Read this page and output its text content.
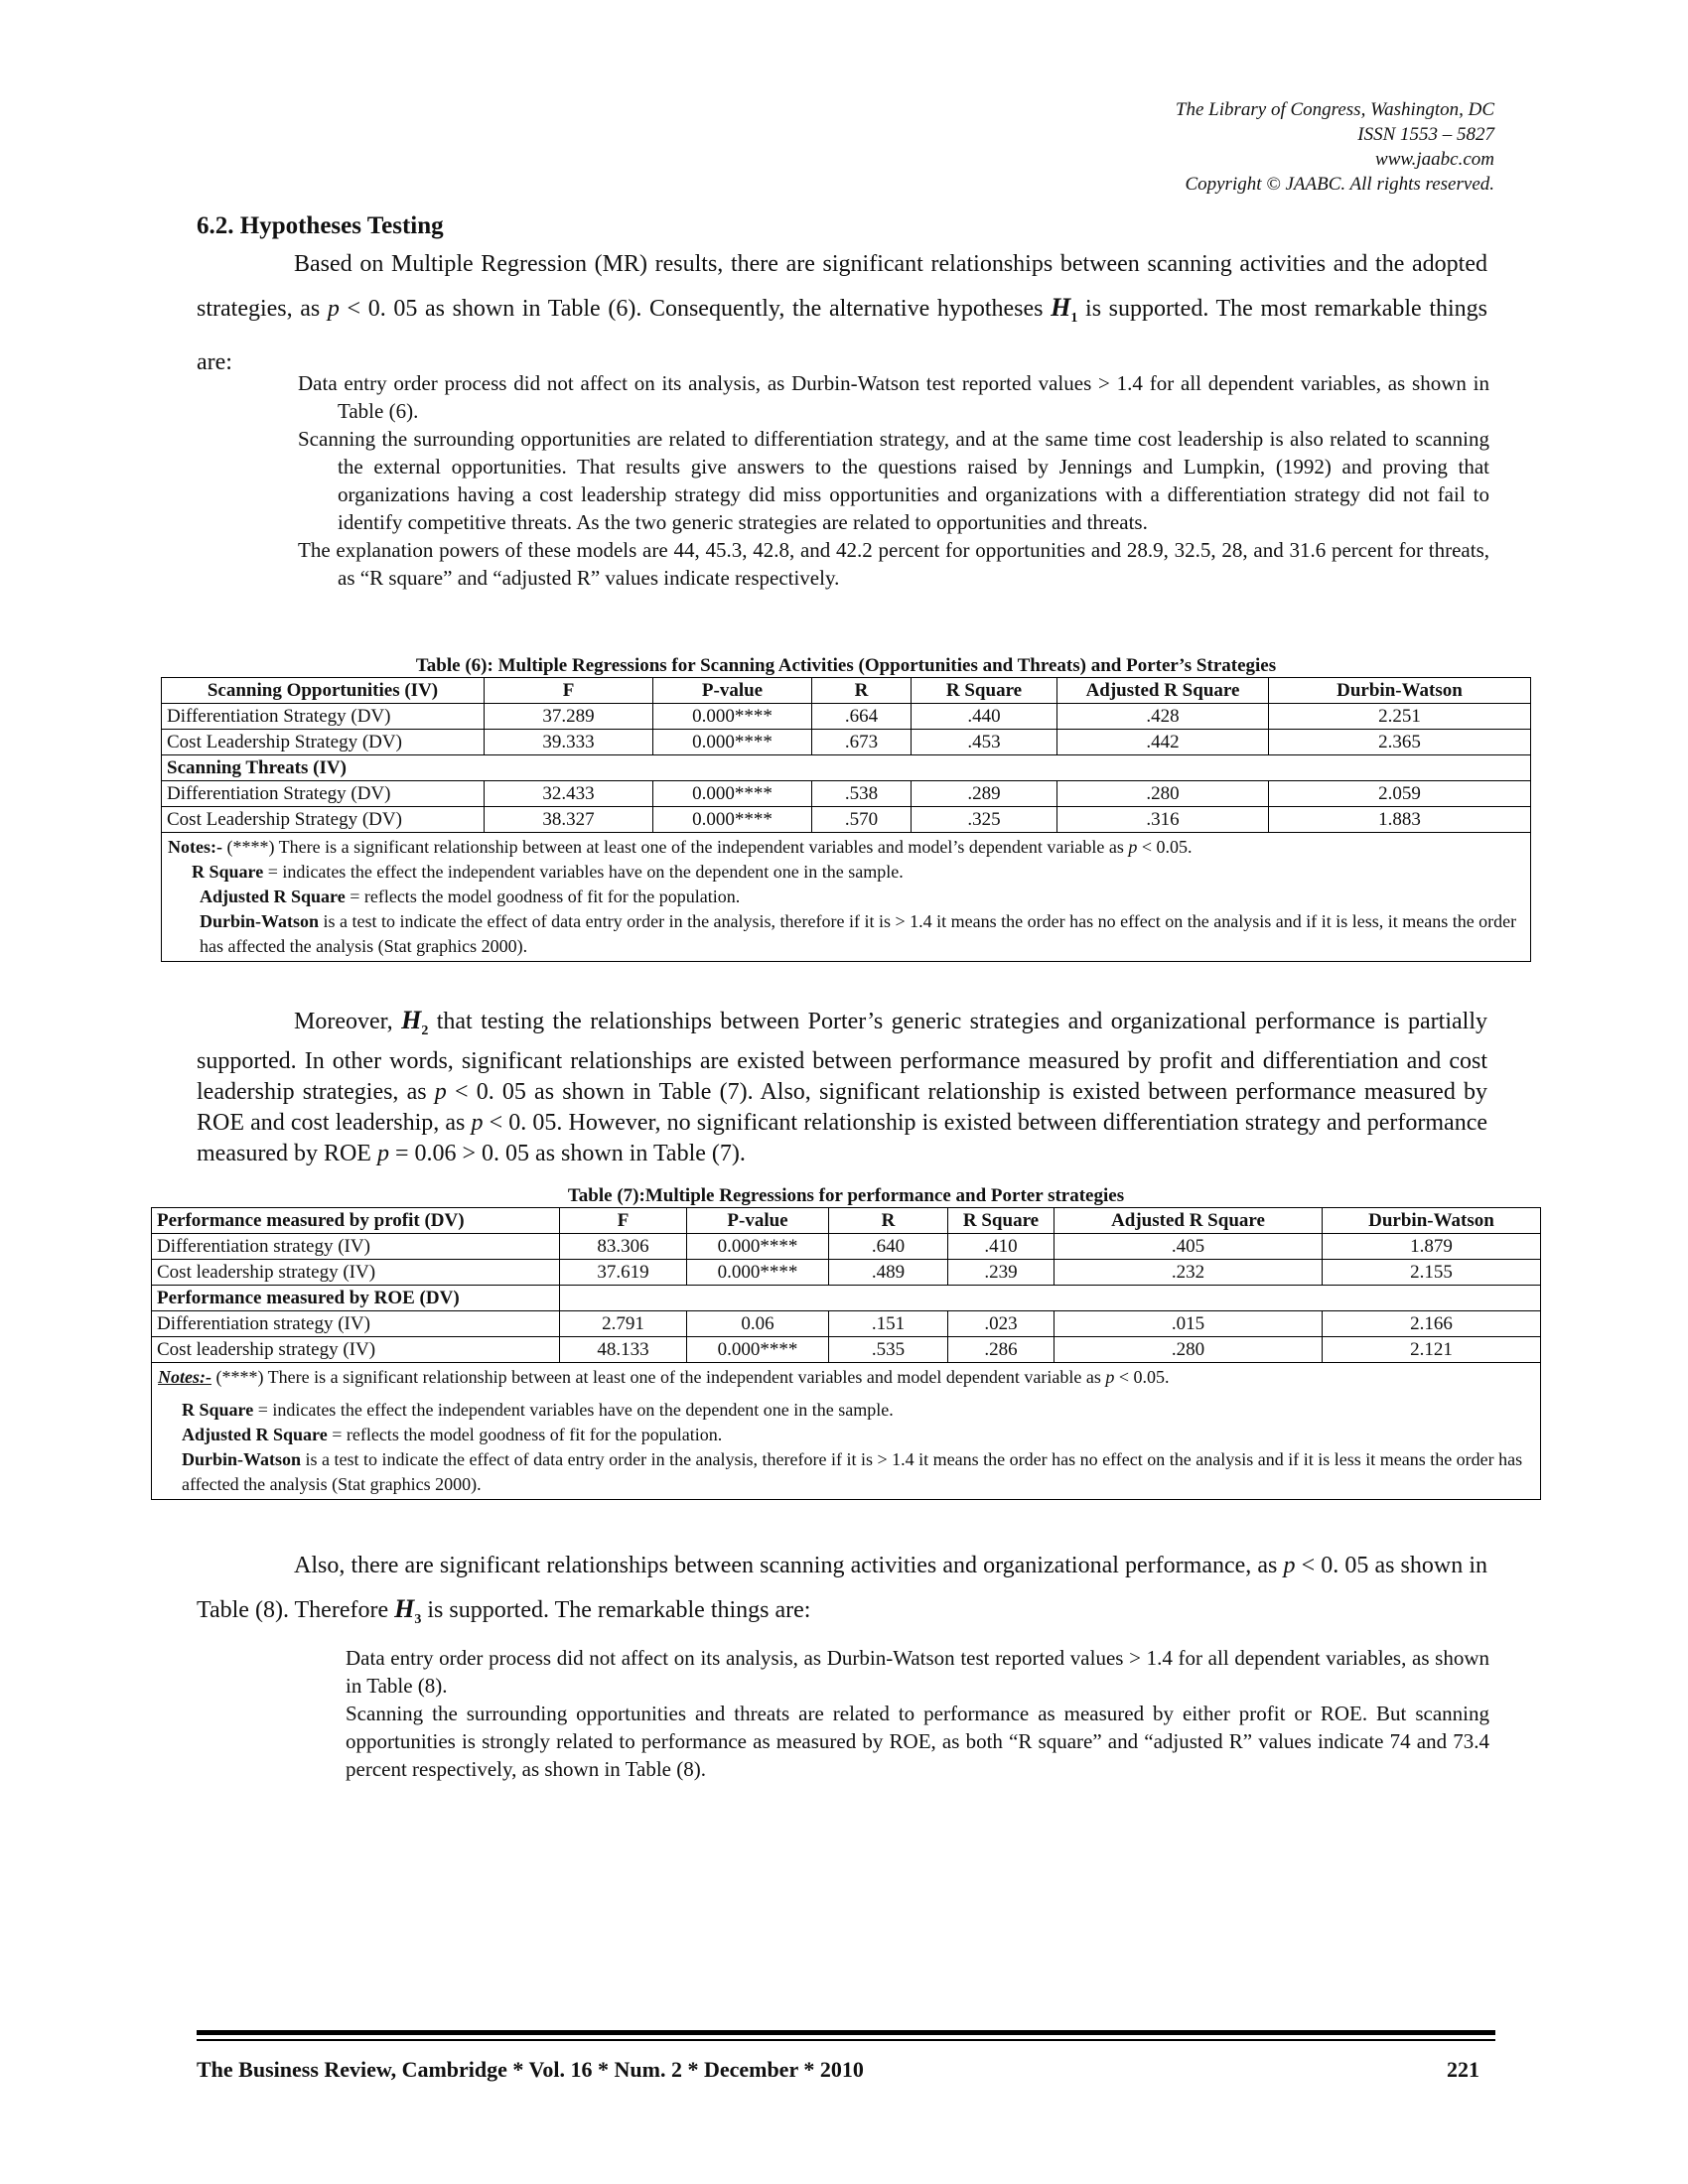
The Library of Congress, Washington, DC
ISSN 1553 – 5827
www.jaabc.com
Copyright © JAABC. All rights reserved.
6.2. Hypotheses Testing
Based on Multiple Regression (MR) results, there are significant relationships between scanning activities and the adopted strategies, as p < 0. 05 as shown in Table (6). Consequently, the alternative hypotheses $H_1$ is supported. The most remarkable things are:

Data entry order process did not affect on its analysis, as Durbin-Watson test reported values > 1.4 for all dependent variables, as shown in Table (6).

Scanning the surrounding opportunities are related to differentiation strategy, and at the same time cost leadership is also related to scanning the external opportunities. That results give answers to the questions raised by Jennings and Lumpkin, (1992) and proving that organizations having a cost leadership strategy did miss opportunities and organizations with a differentiation strategy did not fail to identify competitive threats. As the two generic strategies are related to opportunities and threats.

The explanation powers of these models are 44, 45.3, 42.8, and 42.2 percent for opportunities and 28.9, 32.5, 28, and 31.6 percent for threats, as “R square” and “adjusted R” values indicate respectively.

Table (6): Multiple Regressions for Scanning Activities (Opportunities and Threats) and Porter’s Strategies
Scanning Opportunities (IV)	F	P-value	R	R Square	Adjusted R Square	Durbin-Watson
Differentiation Strategy (DV)	37.289	0.000****	.664	.440	.428	2.251
Cost Leadership Strategy (DV)	39.333	0.000****	.673	.453	.442	2.365
Scanning Threats (IV)						
Differentiation Strategy (DV)	32.433	0.000****	.538	.289	.280	2.059
Cost Leadership Strategy (DV)	38.327	0.000****	.570	.325	.316	1.883

Notes:- (****) There is a significant relationship between at least one of the independent variables and model’s dependent variable as p < 0.05.
R Square = indicates the effect the independent variables have on the dependent one in the sample.
Adjusted R Square = reflects the model goodness of fit for the population.
Durbin-Watson is a test to indicate the effect of data entry order in the analysis, therefore if it is > 1.4 it means the order has no effect on the analysis and if it is less, it means the order has affected the analysis (Stat graphics 2000).						
Moreover, $H_2$ that testing the relationships between Porter’s generic strategies and organizational performance is partially supported. In other words, significant relationships are existed between performance measured by profit and differentiation and cost leadership strategies, as p < 0. 05 as shown in Table (7). Also, significant relationship is existed between performance measured by ROE and cost leadership, as p < 0. 05. However, no significant relationship is existed between differentiation strategy and performance measured by ROE p = 0.06 > 0. 05 as shown in Table (7).
Table (7):Multiple Regressions for performance and Porter strategies
Performance measured by profit (DV)	F	P-value	R	R Square	Adjusted R Square	Durbin-Watson
Differentiation strategy (IV)	83.306	0.000****	.640	.410	.405	1.879
Cost leadership strategy (IV)	37.619	0.000****	.489	.239	.232	2.155
Performance measured by ROE (DV)						
Differentiation strategy (IV)	2.791	0.06	.151	.023	.015	2.166
Cost leadership strategy (IV)	48.133	0.000****	.535	.286	.280	2.121

Notes:- (****) There is a significant relationship between at least one of the independent variables and model dependent variable as p < 0.05.
R Square = indicates the effect the independent variables have on the dependent one in the sample.
Adjusted R Square = reflects the model goodness of fit for the population.
Durbin-Watson is a test to indicate the effect of data entry order in the analysis, therefore if it is > 1.4 it means the order has no effect on the analysis and if it is less it means the order has affected the analysis (Stat graphics 2000).						
Also, there are significant relationships between scanning activities and organizational performance, as p < 0. 05 as shown in Table (8). Therefore $H_3$ is supported. The remarkable things are:

Data entry order process did not affect on its analysis, as Durbin-Watson test reported values > 1.4 for all dependent variables, as shown in Table (8).

Scanning the surrounding opportunities and threats are related to performance as measured by either profit or ROE. But scanning opportunities is strongly related to performance as measured by ROE, as both “R square” and “adjusted R” values indicate 74 and 73.4 percent respectively, as shown in Table (8).

The Business Review, Cambridge * Vol. 16 * Num. 2 * December * 2010	221
